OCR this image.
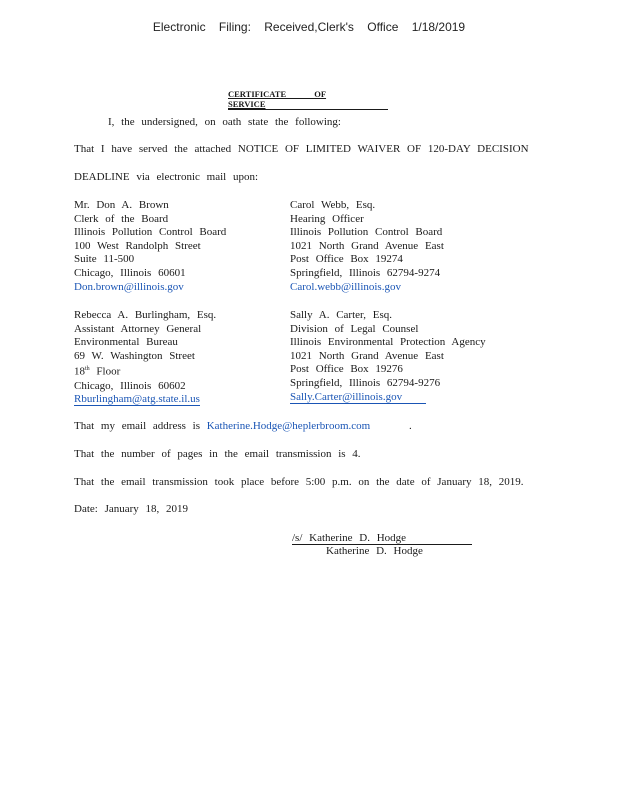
Electronic Filing: Received,Clerk's Office 1/18/2019
CERTIFICATE OF SERVICE
I, the undersigned, on oath state the following:
That I have served the attached NOTICE OF LIMITED WAIVER OF 120-DAY DECISION
DEADLINE via electronic mail upon:
Mr. Don A. Brown
Clerk of the Board
Illinois Pollution Control Board
100 West Randolph Street
Suite 11-500
Chicago, Illinois 60601
Don.brown@illinois.gov
Carol Webb, Esq.
Hearing Officer
Illinois Pollution Control Board
1021 North Grand Avenue East
Post Office Box 19274
Springfield, Illinois 62794-9274
Carol.webb@illinois.gov
Rebecca A. Burlingham, Esq.
Assistant Attorney General
Environmental Bureau
69 W. Washington Street
18th Floor
Chicago, Illinois 60602
Rburlingham@atg.state.il.us
Sally A. Carter, Esq.
Division of Legal Counsel
Illinois Environmental Protection Agency
1021 North Grand Avenue East
Post Office Box 19276
Springfield, Illinois 62794-9276
Sally.Carter@illinois.gov
That my email address is Katherine.Hodge@heplerbroom.com	.
That the number of pages in the email transmission is 4.
That the email transmission took place before 5:00 p.m. on the date of January 18, 2019.
Date: January 18, 2019
/s/ Katherine D. Hodge
Katherine D. Hodge
